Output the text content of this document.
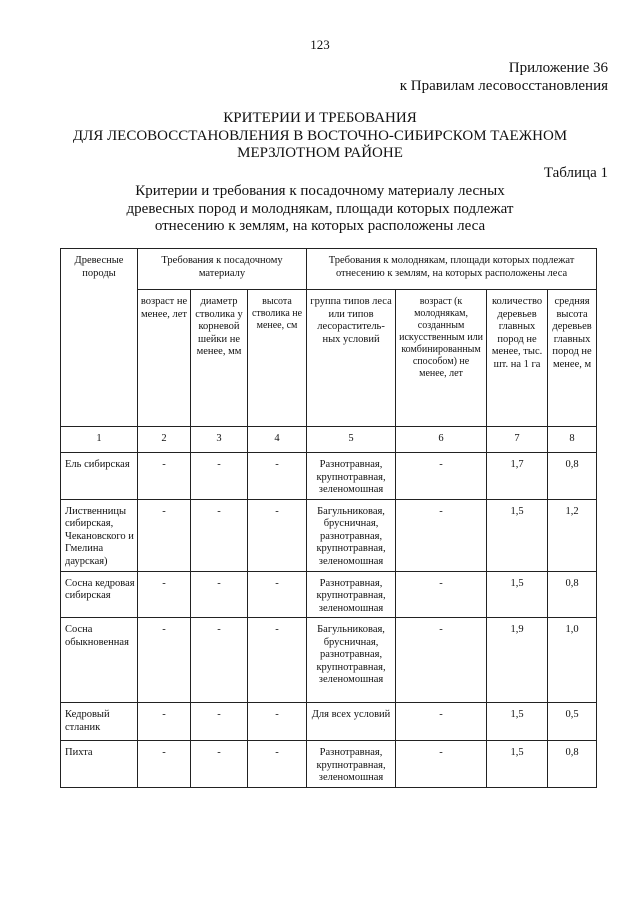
123
Приложение 36
к Правилам лесовосстановления
КРИТЕРИИ И ТРЕБОВАНИЯ
ДЛЯ ЛЕСОВОССТАНОВЛЕНИЯ В ВОСТОЧНО-СИБИРСКОМ ТАЕЖНОМ
МЕРЗЛОТНОМ РАЙОНЕ
Таблица 1
Критерии и требования к посадочному материалу лесных
древесных пород и молоднякам, площади которых подлежат
отнесению к землям, на которых расположены леса
Древесные породы	Требования к посадочному материалу			Требования к молоднякам, площади которых подлежат отнесению к землям, на которых расположены леса			
	возраст не менее, лет	диаметр стволика у корневой шейки не менее, мм	высота стволика не менее, см	группа типов леса или типов лесораститель-ных условий	возраст (к молоднякам, созданным искусственным или комбинированным способом) не менее, лет	количество деревьев главных пород не менее, тыс. шт. на 1 га	средняя высота деревьев главных пород не менее, м
1	2	3	4	5	6	7	8
Ель сибирская	-	-	-	Разнотравная, крупнотравная, зеленомошная	-	1,7	0,8
Лиственницы сибирская, Чекановского и Гмелина даурская)	-	-	-	Багульниковая, брусничная, разнотравная, крупнотравная, зеленомошная	-	1,5	1,2
Сосна кедровая сибирская	-	-	-	Разнотравная, крупнотравная, зеленомошная	-	1,5	0,8
Сосна обыкновенная	-	-	-	Багульниковая, брусничная, разнотравная, крупнотравная, зеленомошная	-	1,9	1,0
Кедровый стланик	-	-	-	Для всех условий	-	1,5	0,5
Пихта	-	-	-	Разнотравная, крупнотравная, зеленомошная	-	1,5	0,8
